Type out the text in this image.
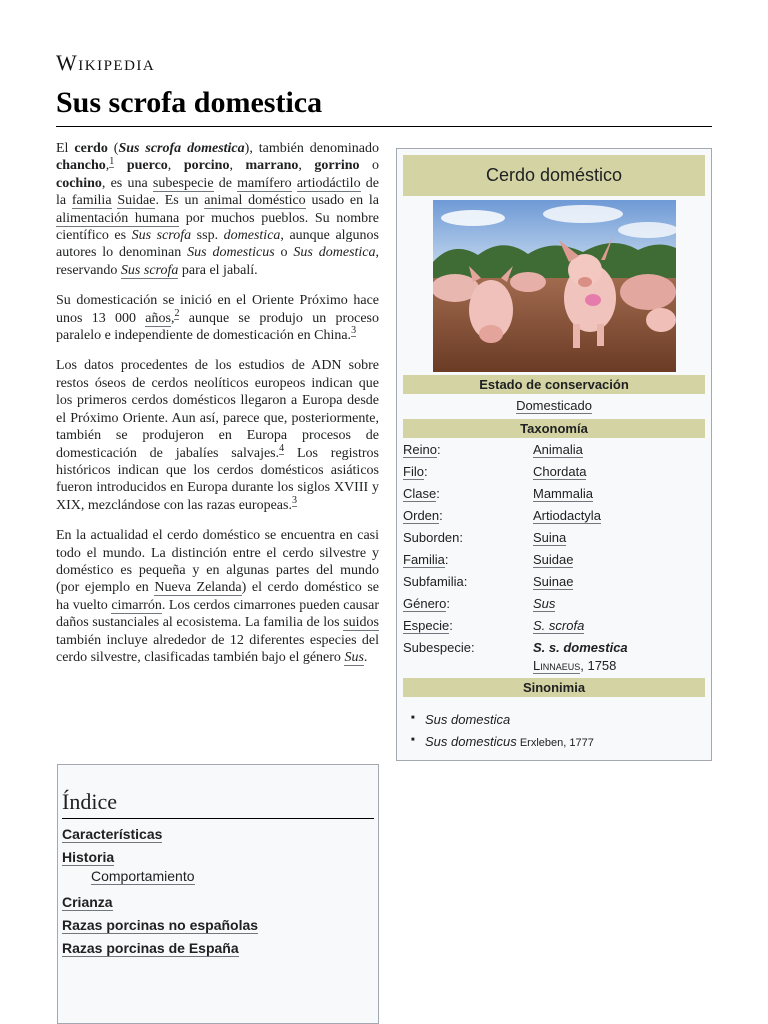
Wikipedia
Sus scrofa domestica

El cerdo (Sus scrofa domestica), también denominado chancho,$^1$ puerco, porcino, marrano, gorrino o cochino, es una subespecie de mamífero artiodáctilo de la familia Suidae. Es un animal doméstico usado en la alimentación humana por muchos pueblos. Su nombre científico es Sus scrofa ssp. domestica, aunque algunos autores lo denominan Sus domesticus o Sus domestica, reservando Sus scrofa para el jabalí.

Su domesticación se inició en el Oriente Próximo hace unos 13 000 años,$^2$ aunque se produjo un proceso paralelo e independiente de domesticación en China.$^3$

Los datos procedentes de los estudios de ADN sobre restos óseos de cerdos neolíticos europeos indican que los primeros cerdos domésticos llegaron a Europa desde el Próximo Oriente. Aun así, parece que, posteriormente, también se produjeron en Europa procesos de domesticación de jabalíes salvajes.$^4$ Los registros históricos indican que los cerdos domésticos asiáticos fueron introducidos en Europa durante los siglos XVIII y XIX, mezclándose con las razas europeas.$^3$

En la actualidad el cerdo doméstico se encuentra en casi todo el mundo. La distinción entre el cerdo silvestre y doméstico es pequeña y en algunas partes del mundo (por ejemplo en Nueva Zelanda) el cerdo doméstico se ha vuelto cimarrón. Los cerdos cimarrones pueden causar daños sustanciales al ecosistema. La familia de los suidos también incluye alrededor de 12 diferentes especies del cerdo silvestre, clasificadas también bajo el género Sus.

Cerdo doméstico
Estado de conservación
Domesticado
Taxonomía
Reino:	Animalia
Filo:	Chordata
Clase:	Mammalia
Orden:	Artiodactyla
Suborden:	Suina
Familia:	Suidae
Subfamilia:	Suinae
Género:	Sus
Especie:	S. scrofa
Subespecie:	S. s. domestica
Linnaeus, 1758
Sinonimia
■ Sus domestica
■ Sus domesticus Erxleben, 1777
Índice
Características
Historia
Comportamiento
Crianza
Razas porcinas no españolas
Razas porcinas de España
